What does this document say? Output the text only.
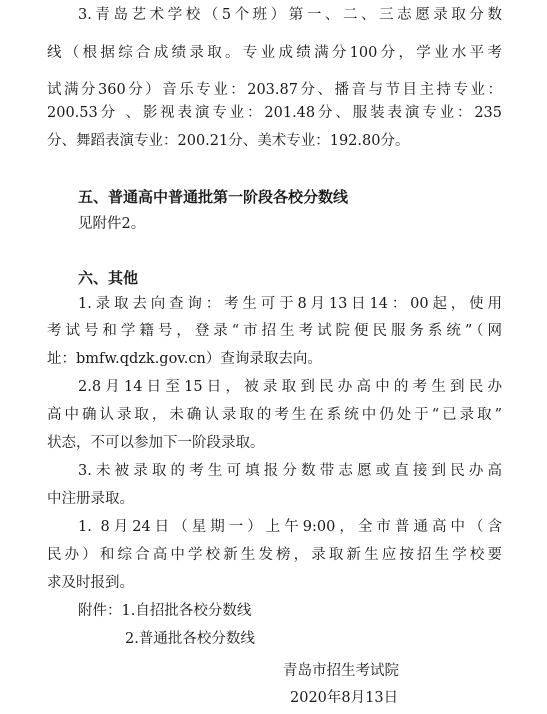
3.青岛艺术学校（5个班）第一、二、三志愿录取分数
线（根据综合成绩录取。专业成绩满分100分，学业水平考
试满分360分）音乐专业：203.87分、播音与节目主持专业：
200.53分 、影视表演专业：201.48分、服装表演专业：235
分、舞蹈表演专业：200.21分、美术专业：192.80分。
五、普通高中普通批第一阶段各校分数线
见附件2。
六、其他
1.录取去向查询：考生可于8月13日14：00起，使用
考试号和学籍号，登录“市招生考试院便民服务系统”（网
址：bmfw.qdzk.gov.cn）查询录取去向。
2.8月14日至15日，被录取到民办高中的考生到民办
高中确认录取，未确认录取的考生在系统中仍处于“已录取”
状态，不可以参加下一阶段录取。
3.未被录取的考生可填报分数带志愿或直接到民办高
中注册录取。
1. 8月24日（星期一）上午9:00，全市普通高中（含
民办）和综合高中学校新生发榜，录取新生应按招生学校要
求及时报到。
附件：1.自招批各校分数线
2.普通批各校分数线
青岛市招生考试院
2020年8月13日
